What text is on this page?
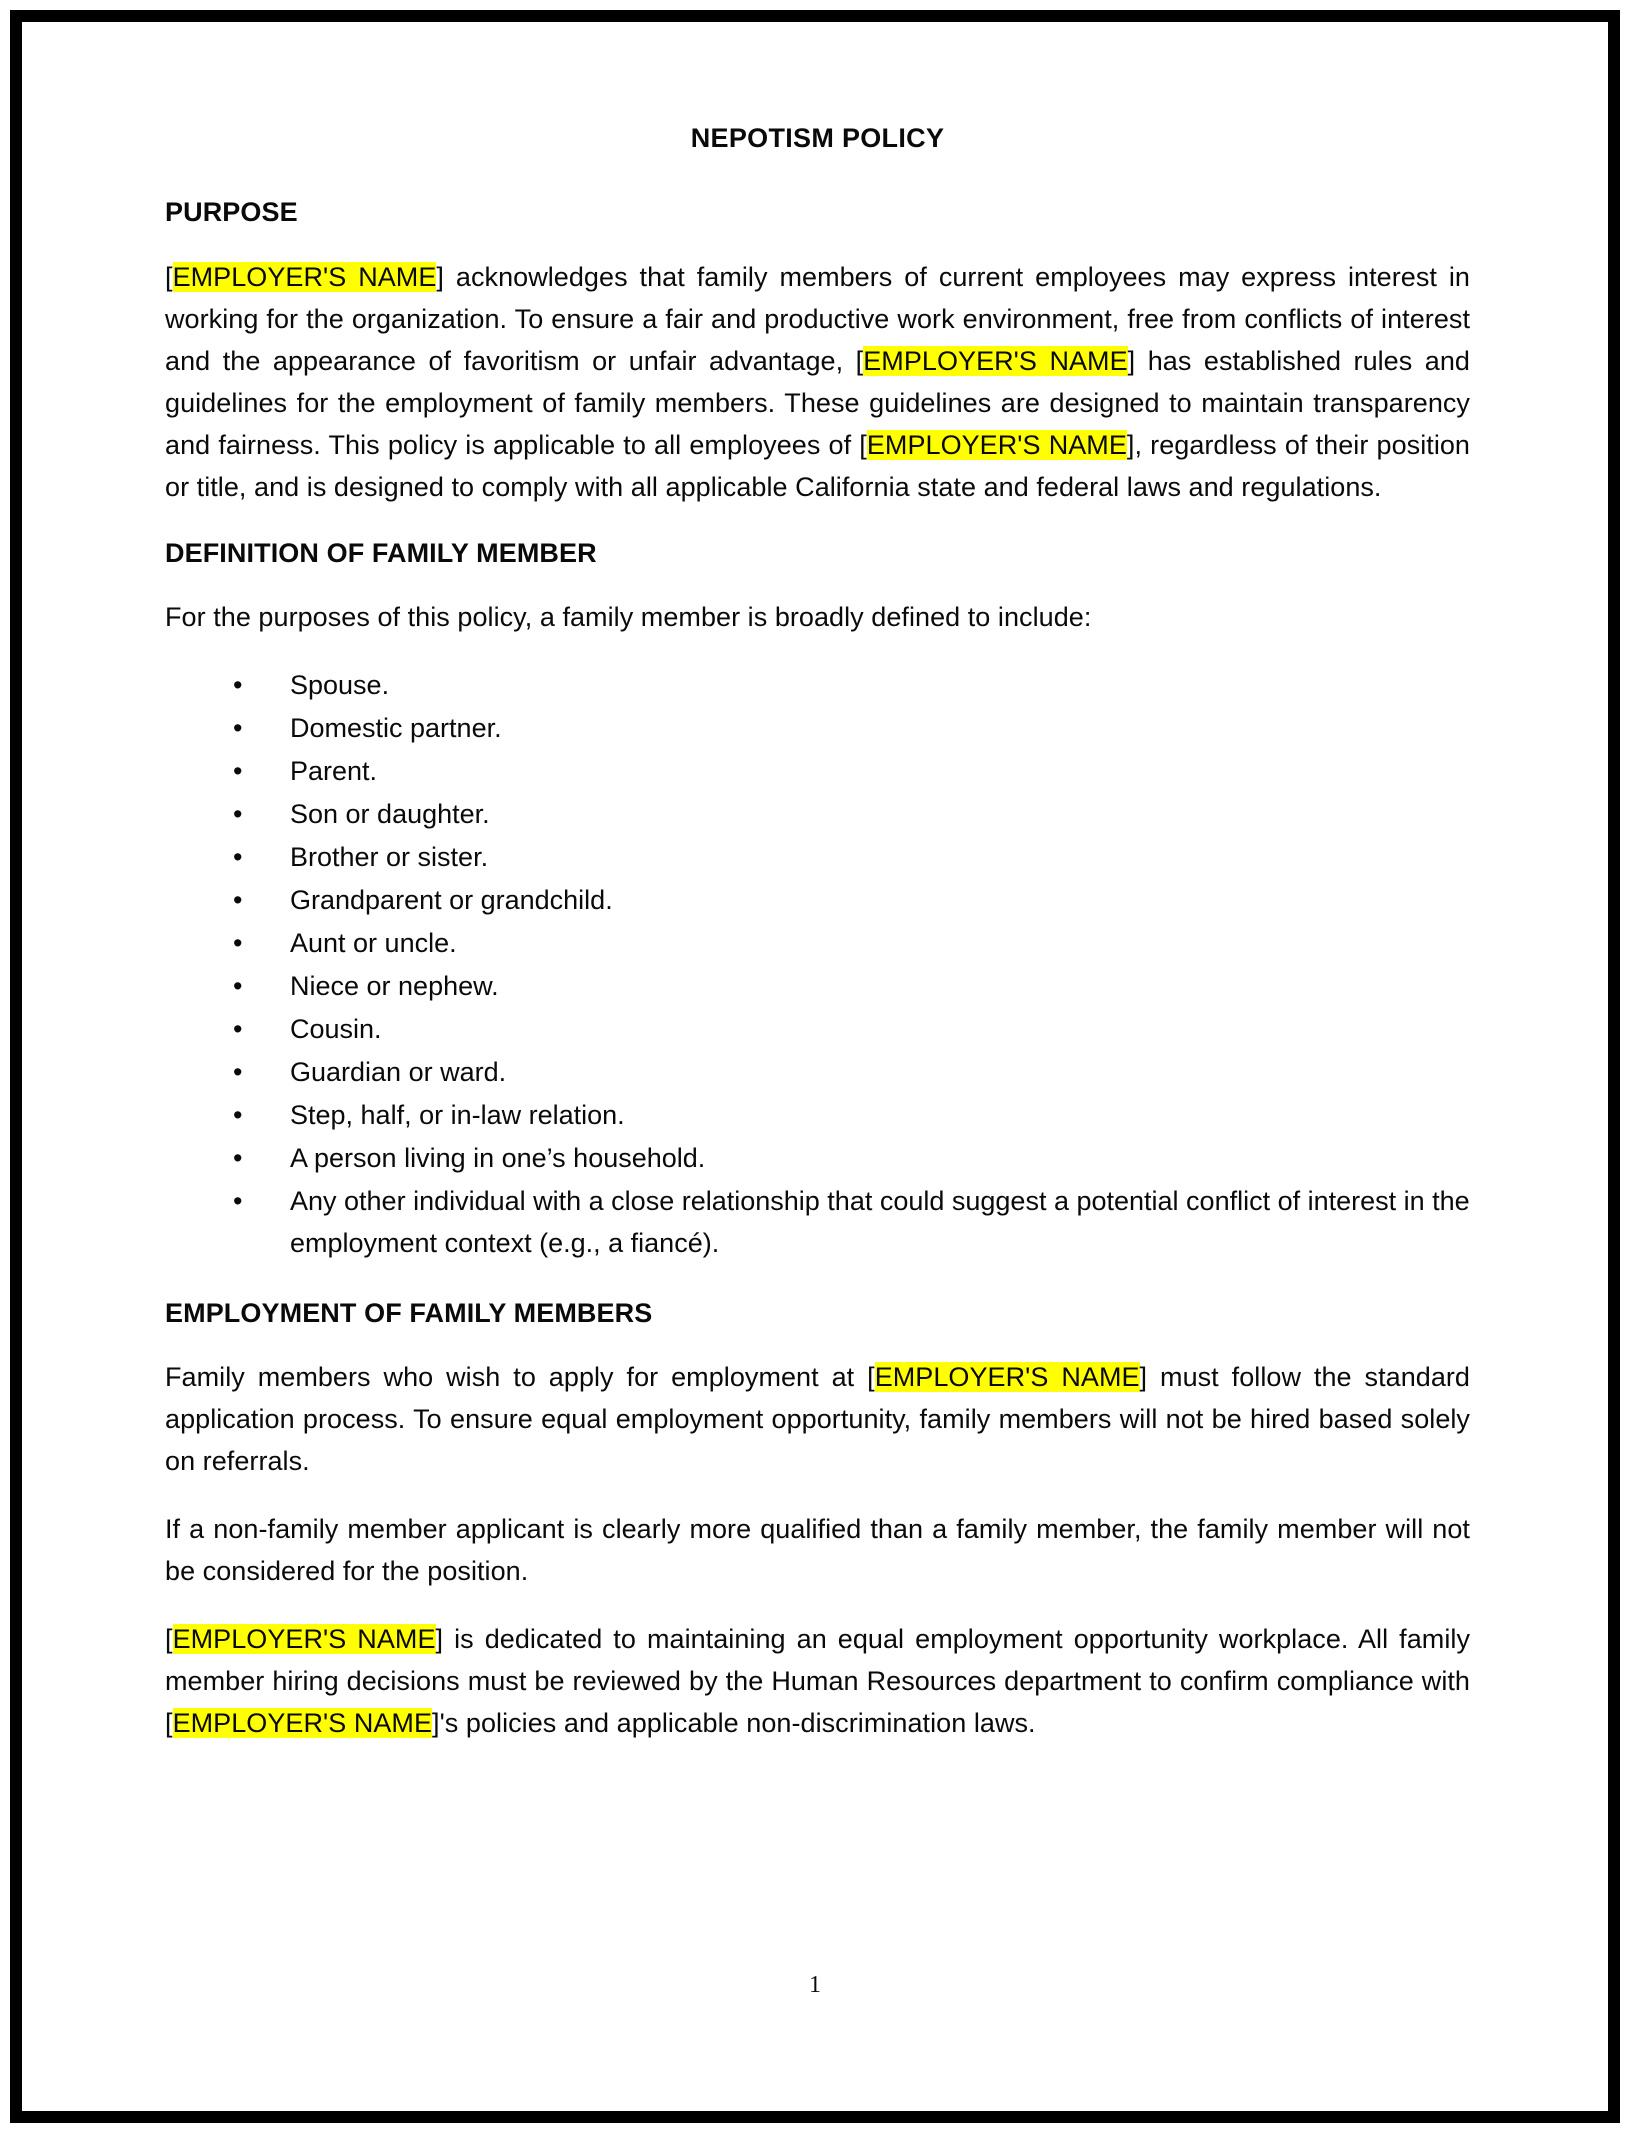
NEPOTISM POLICY
PURPOSE

[EMPLOYER'S NAME] acknowledges that family members of current employees may express interest in working for the organization. To ensure a fair and productive work environment, free from conflicts of interest and the appearance of favoritism or unfair advantage, [EMPLOYER'S NAME] has established rules and guidelines for the employment of family members. These guidelines are designed to maintain transparency and fairness. This policy is applicable to all employees of [EMPLOYER'S NAME], regardless of their position or title, and is designed to comply with all applicable California state and federal laws and regulations.

DEFINITION OF FAMILY MEMBER

For the purposes of this policy, a family member is broadly defined to include:

• Spouse.
• Domestic partner.
• Parent.
• Son or daughter.
• Brother or sister.
• Grandparent or grandchild.
• Aunt or uncle.
• Niece or nephew.
• Cousin.
• Guardian or ward.
• Step, half, or in-law relation.
• A person living in one’s household.
• Any other individual with a close relationship that could suggest a potential conflict of interest in the employment context (e.g., a fiancé).
EMPLOYMENT OF FAMILY MEMBERS

Family members who wish to apply for employment at [EMPLOYER'S NAME] must follow the standard application process. To ensure equal employment opportunity, family members will not be hired based solely on referrals.

If a non-family member applicant is clearly more qualified than a family member, the family member will not be considered for the position.

[EMPLOYER'S NAME] is dedicated to maintaining an equal employment opportunity workplace. All family member hiring decisions must be reviewed by the Human Resources department to confirm compliance with [EMPLOYER'S NAME]'s policies and applicable non-discrimination laws.

1
